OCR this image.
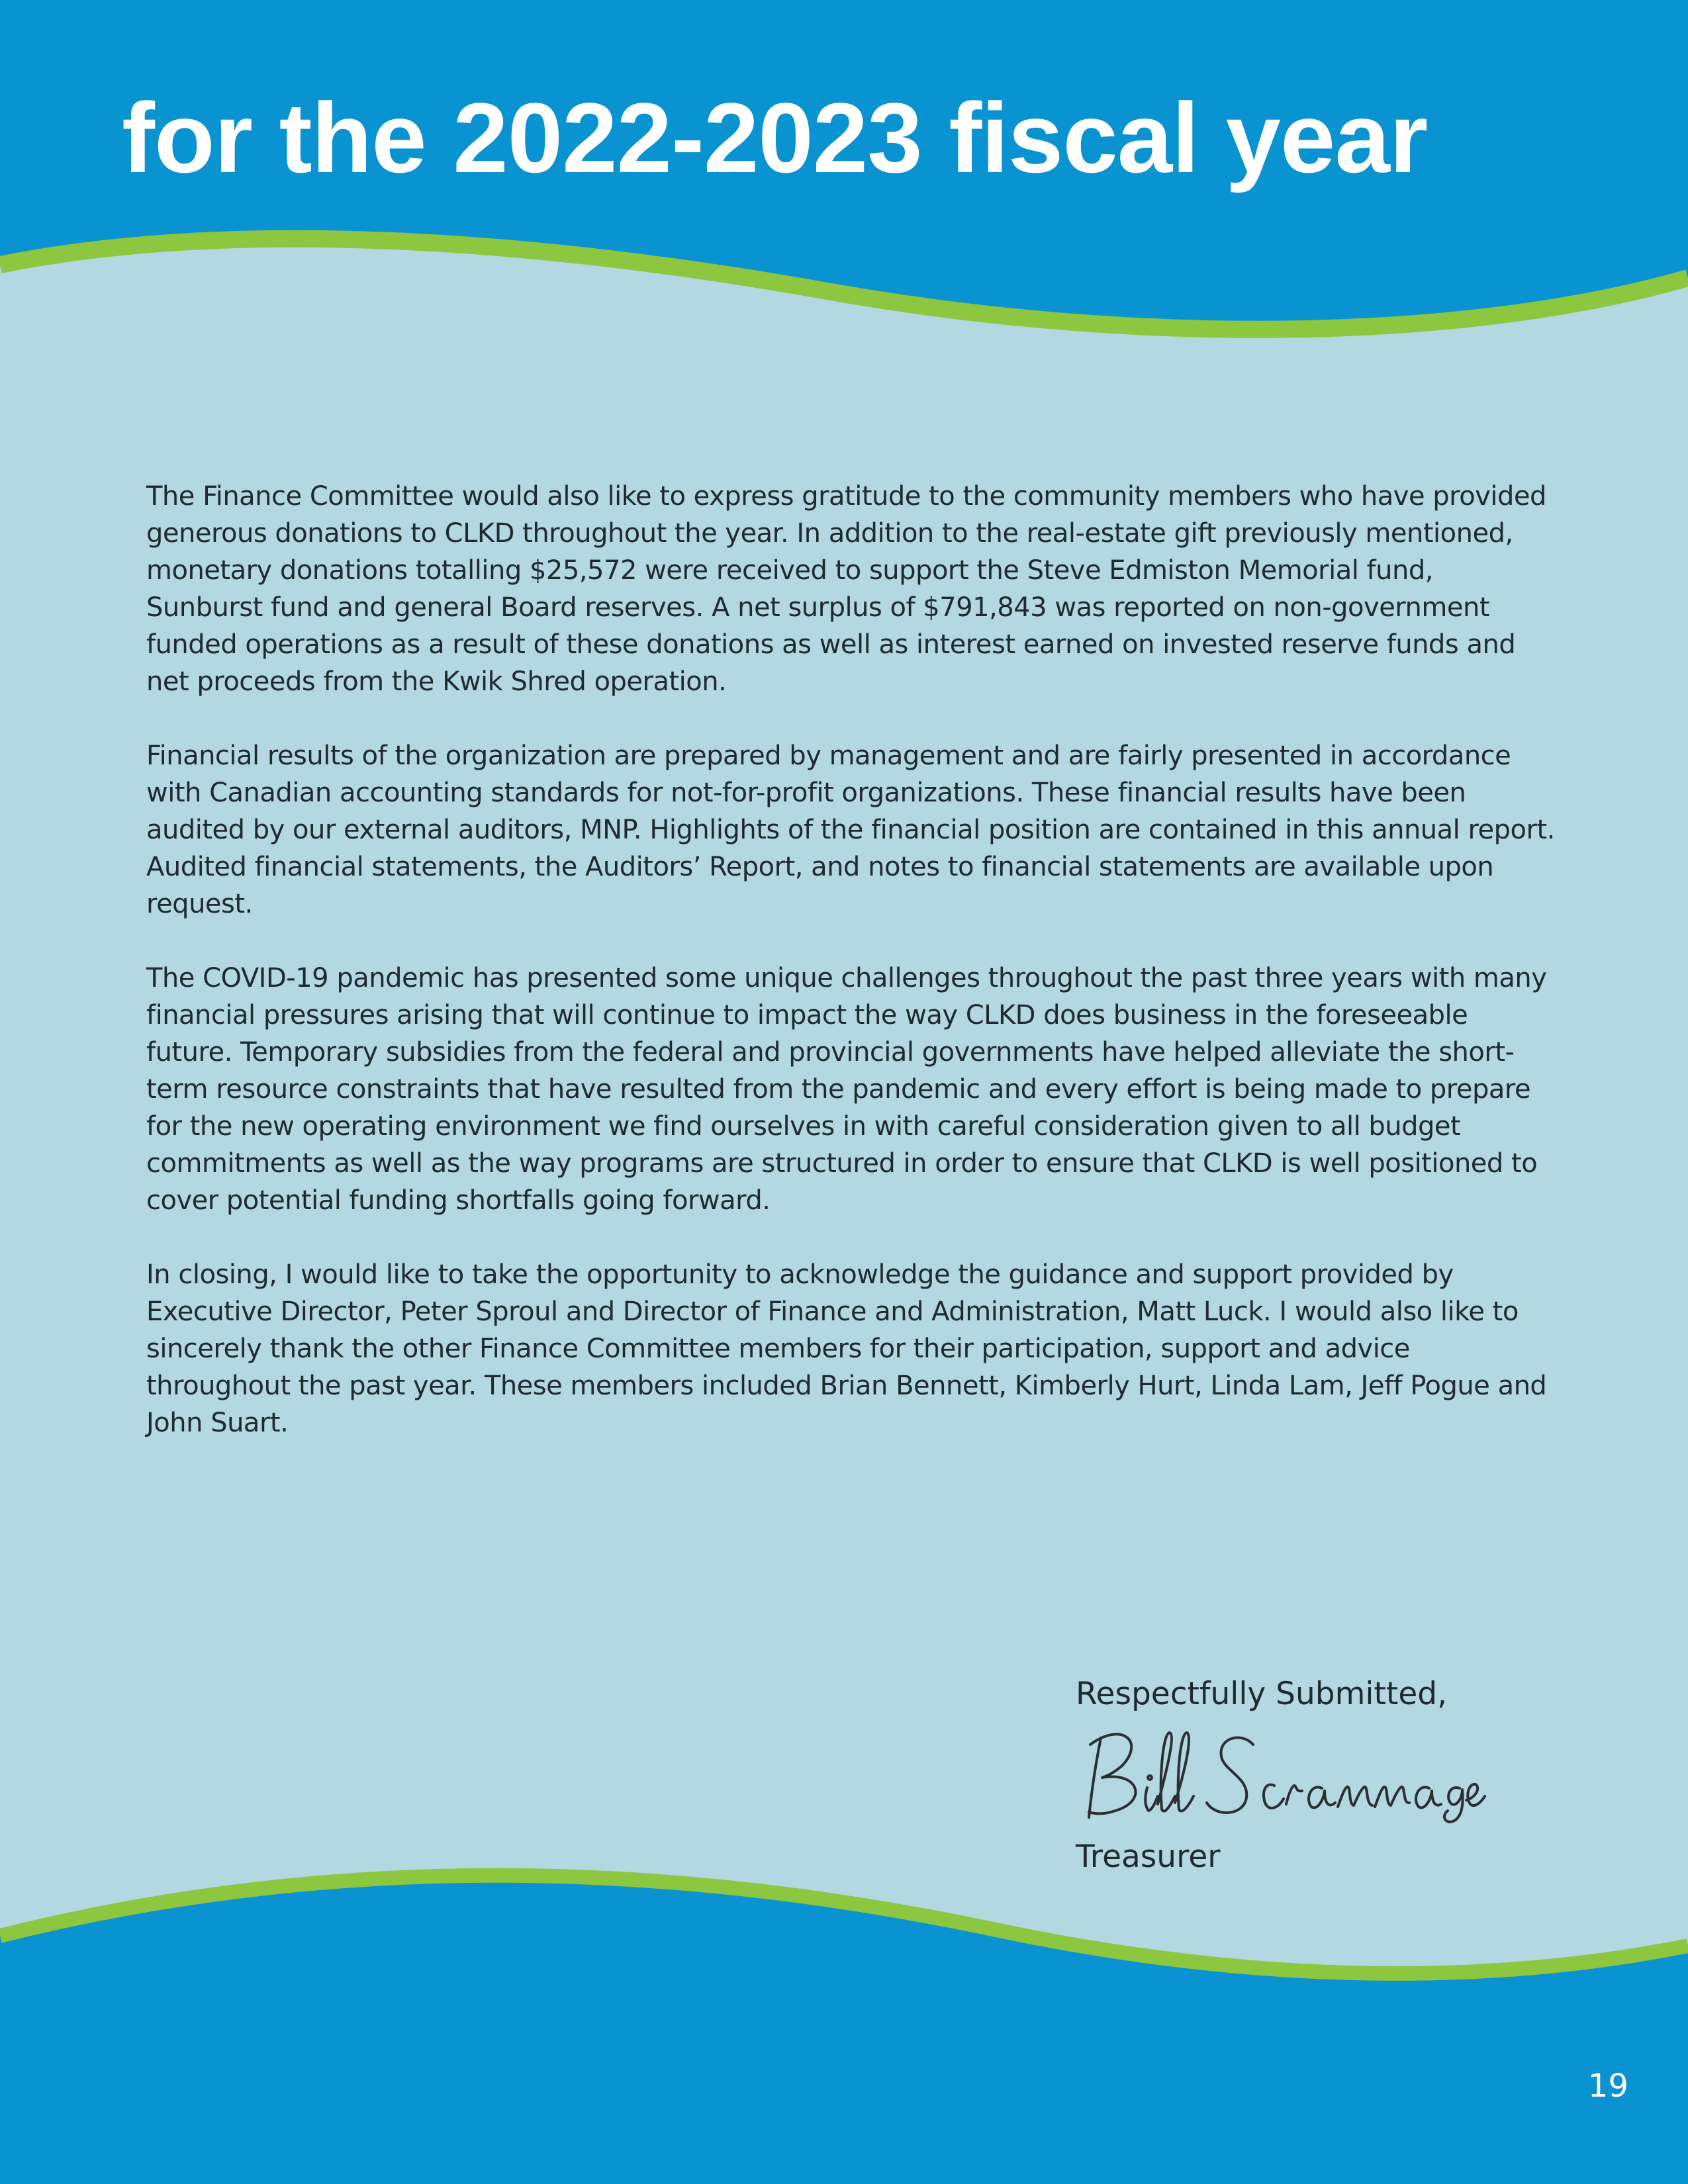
for the 2022-2023 fiscal year

The Finance Committee would also like to express gratitude to the community members who have provided generous donations to CLKD throughout the year. In addition to the real-estate gift previously mentioned, monetary donations totalling $25,572 were received to support the Steve Edmiston Memorial fund, Sunburst fund and general Board reserves. A net surplus of $791,843 was reported on non-government funded operations as a result of these donations as well as interest earned on invested reserve funds and net proceeds from the Kwik Shred operation.

Financial results of the organization are prepared by management and are fairly presented in accordance with Canadian accounting standards for not-for-profit organizations. These financial results have been audited by our external auditors, MNP. Highlights of the financial position are contained in this annual report. Audited financial statements, the Auditors’ Report, and notes to financial statements are available upon request.

The COVID-19 pandemic has presented some unique challenges throughout the past three years with many financial pressures arising that will continue to impact the way CLKD does business in the foreseeable future. Temporary subsidies from the federal and provincial governments have helped alleviate the short-term resource constraints that have resulted from the pandemic and every effort is being made to prepare for the new operating environment we find ourselves in with careful consideration given to all budget commitments as well as the way programs are structured in order to ensure that CLKD is well positioned to cover potential funding shortfalls going forward.

In closing, I would like to take the opportunity to acknowledge the guidance and support provided by Executive Director, Peter Sproul and Director of Finance and Administration, Matt Luck. I would also like to sincerely thank the other Finance Committee members for their participation, support and advice throughout the past year. These members included Brian Bennett, Kimberly Hurt, Linda Lam, Jeff Pogue and John Suart.

Respectfully Submitted,
Treasurer
19
